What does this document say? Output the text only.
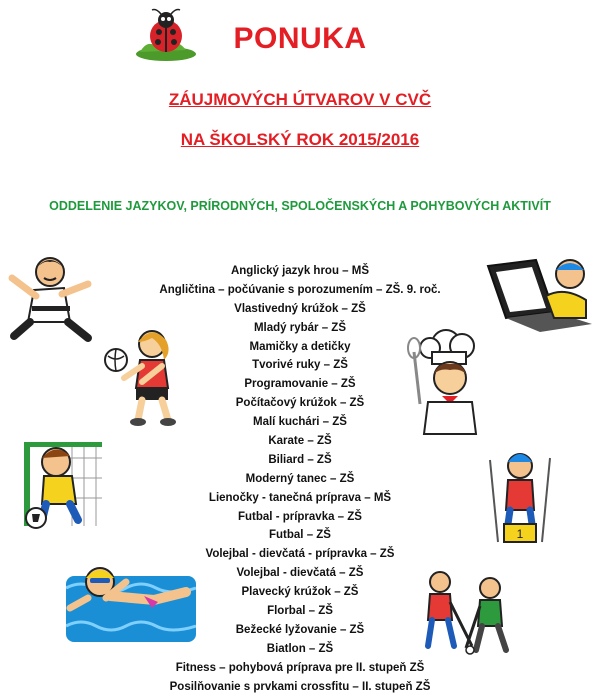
PONUKA
ZÁUJMOVÝCH ÚTVAROV V CVČ
NA ŠKOLSKÝ ROK 2015/2016
ODDELENIE JAZYKOV, PRÍRODNÝCH, SPOLOČENSKÝCH A POHYBOVÝCH AKTIVÍT
Anglický jazyk hrou – MŠ
Angličtina – počúvanie s porozumením – ZŠ. 9. roč.
Vlastivedný krúžok – ZŠ
Mladý rybár – ZŠ
Mamičky a detičky
Tvorivé ruky – ZŠ
Programovanie – ZŠ
Počítačový krúžok – ZŠ
Malí kuchári – ZŠ
Karate – ZŠ
Biliard – ZŠ
Moderný tanec – ZŠ
Lienočky - tanečná príprava – MŠ
Futbal - prípravka – ZŠ
Futbal – ZŠ
Volejbal - dievčatá - prípravka – ZŠ
Volejbal - dievčatá – ZŠ
Plavecký krúžok – ZŠ
Florbal – ZŠ
Bežecké lyžovanie – ZŠ
Biatlon – ZŠ
Fitness – pohybová príprava pre II. stupeň ZŠ
Posilňovanie s prvkami crossfitu – II. stupeň ZŠ
1
